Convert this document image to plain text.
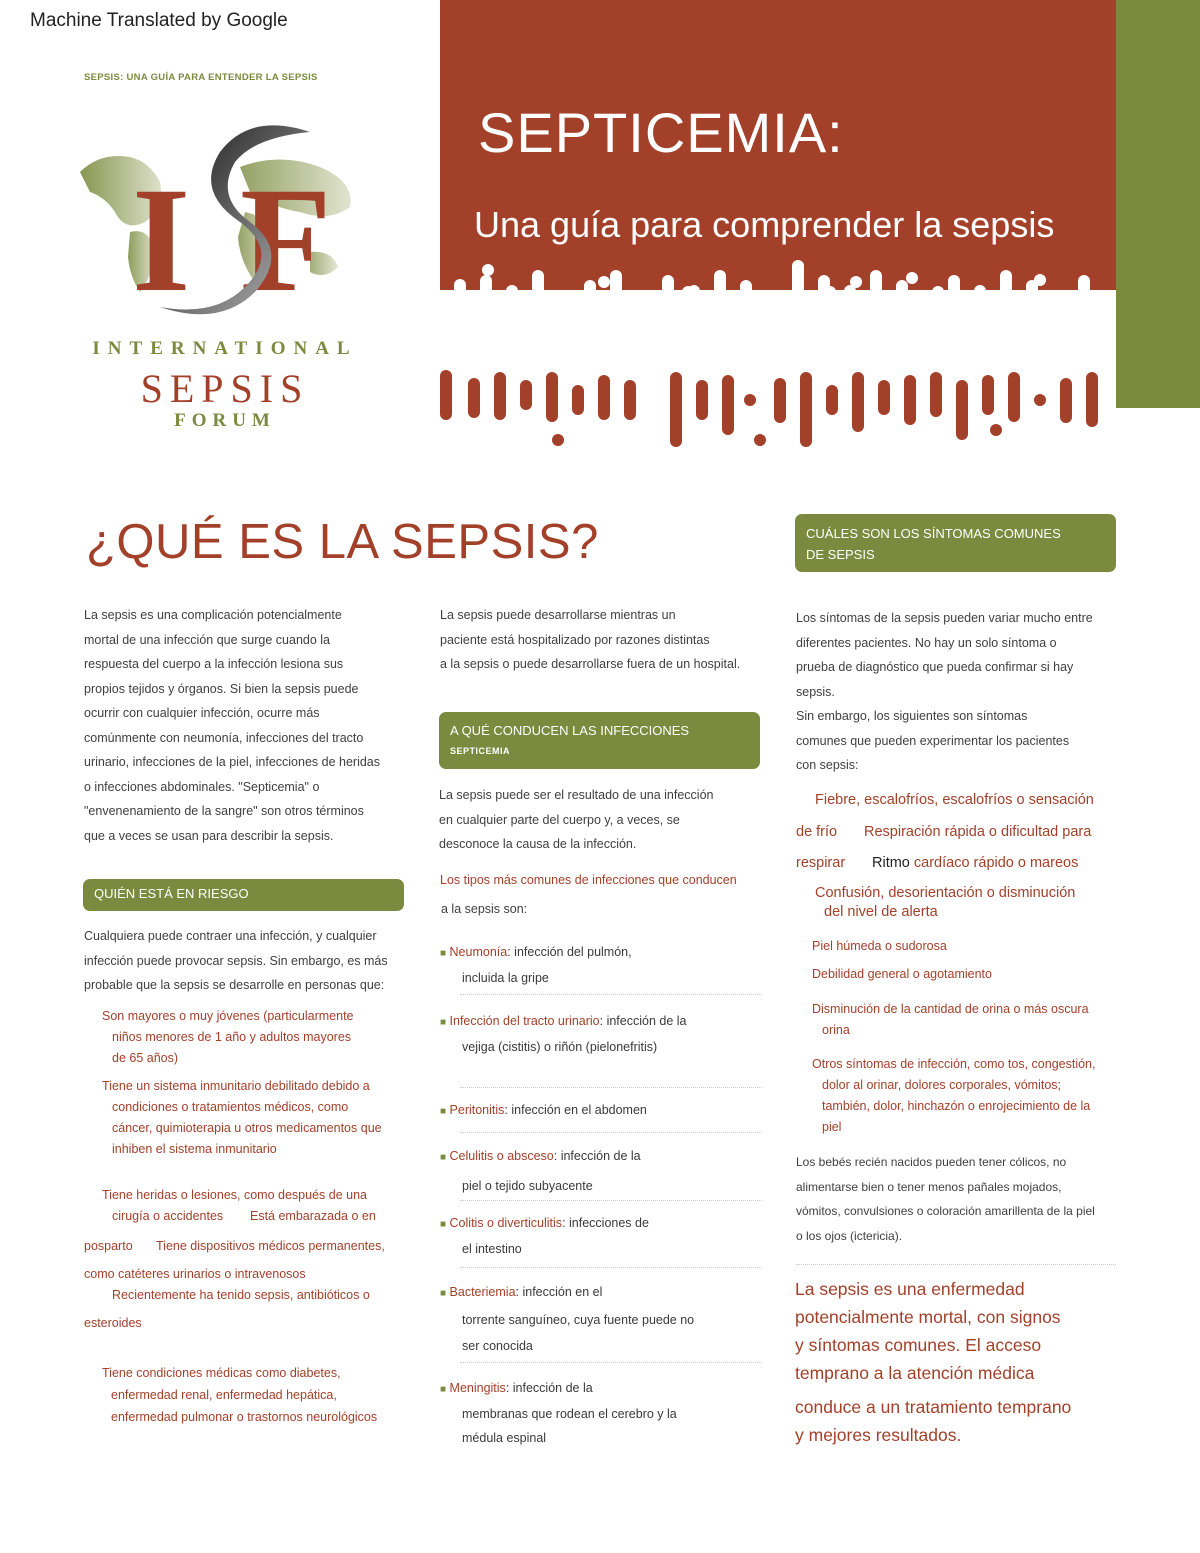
Machine Translated by Google
SEPSIS: UNA GUÍA PARA ENTENDER LA SEPSIS
I F
INTERNATIONAL
SEPSIS
FORUM
SEPTICEMIA:
Una guía para comprender la sepsis
¿QUÉ ES LA SEPSIS?
La sepsis es una complicación potencialmente
mortal de una infección que surge cuando la
respuesta del cuerpo a la infección lesiona sus
propios tejidos y órganos. Si bien la sepsis puede
ocurrir con cualquier infección, ocurre más
comúnmente con neumonía, infecciones del tracto
urinario, infecciones de la piel, infecciones de heridas
o infecciones abdominales. "Septicemia" o
"envenenamiento de la sangre" son otros términos
que a veces se usan para describir la sepsis.
QUIÉN ESTÁ EN RIESGO
Cualquiera puede contraer una infección, y cualquier
infección puede provocar sepsis. Sin embargo, es más
probable que la sepsis se desarrolle en personas que:
Son mayores o muy jóvenes (particularmente
niños menores de 1 año y adultos mayores
de 65 años)
Tiene un sistema inmunitario debilitado debido a
condiciones o tratamientos médicos, como
cáncer, quimioterapia u otros medicamentos que
inhiben el sistema inmunitario
Tiene heridas o lesiones, como después de una
cirugía o accidentes Está embarazada o en
posparto Tiene dispositivos médicos permanentes,
como catéteres urinarios o intravenosos
Recientemente ha tenido sepsis, antibióticos o
esteroides
Tiene condiciones médicas como diabetes,
enfermedad renal, enfermedad hepática,
enfermedad pulmonar o trastornos neurológicos
La sepsis puede desarrollarse mientras un
paciente está hospitalizado por razones distintas
a la sepsis o puede desarrollarse fuera de un hospital.
A QUÉ CONDUCEN LAS INFECCIONES
SEPTICEMIA
La sepsis puede ser el resultado de una infección
en cualquier parte del cuerpo y, a veces, se
desconoce la causa de la infección.
Los tipos más comunes de infecciones que conducen
a la sepsis son:
■ Neumonía: infección del pulmón,
incluida la gripe
■ Infección del tracto urinario: infección de la
vejiga (cistitis) o riñón (pielonefritis)
■ Peritonitis: infección en el abdomen
■ Celulitis o absceso: infección de la
piel o tejido subyacente
■ Colitis o diverticulitis: infecciones de
el intestino
■ Bacteriemia: infección en el
torrente sanguíneo, cuya fuente puede no
ser conocida
■ Meningitis: infección de la
membranas que rodean el cerebro y la
médula espinal
CUÁLES SON LOS SÍNTOMAS COMUNES
DE SEPSIS
Los síntomas de la sepsis pueden variar mucho entre
diferentes pacientes. No hay un solo síntoma o
prueba de diagnóstico que pueda confirmar si hay
sepsis.
Sin embargo, los siguientes son síntomas
comunes que pueden experimentar los pacientes
con sepsis:
Fiebre, escalofríos, escalofríos o sensación
de frío Respiración rápida o dificultad para
respirar Ritmo cardíaco rápido o mareos
Confusión, desorientación o disminución
del nivel de alerta
Piel húmeda o sudorosa
Debilidad general o agotamiento
Disminución de la cantidad de orina o más oscura
orina
Otros síntomas de infección, como tos, congestión,
dolor al orinar, dolores corporales, vómitos;
también, dolor, hinchazón o enrojecimiento de la
piel
Los bebés recién nacidos pueden tener cólicos, no
alimentarse bien o tener menos pañales mojados,
vómitos, convulsiones o coloración amarillenta de la piel
o los ojos (ictericia).
La sepsis es una enfermedad
potencialmente mortal, con signos
y síntomas comunes. El acceso
temprano a la atención médica
conduce a un tratamiento temprano
y mejores resultados.
